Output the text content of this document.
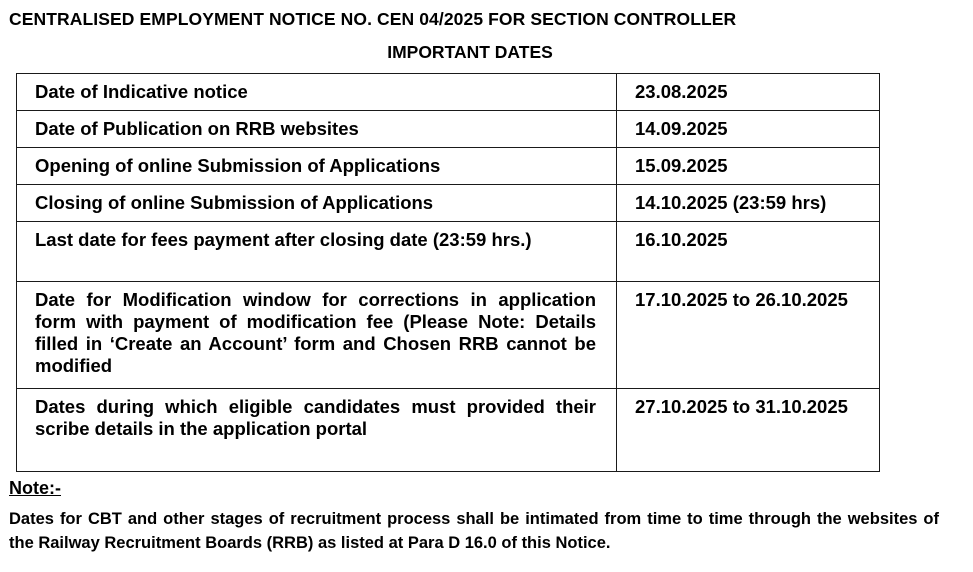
CENTRALISED EMPLOYMENT NOTICE NO. CEN 04/2025 FOR SECTION CONTROLLER
IMPORTANT DATES
Date of Indicative notice	23.08.2025
Date of Publication on RRB websites	14.09.2025
Opening of online Submission of Applications	15.09.2025
Closing of online Submission of Applications	14.10.2025 (23:59 hrs)
Last date for fees payment after closing date (23:59 hrs.)	16.10.2025
Date for Modification window for corrections in application form with payment of modification fee (Please Note: Details filled in ‘Create an Account’ form and Chosen RRB cannot be modified	17.10.2025 to 26.10.2025
Dates during which eligible candidates must provided their scribe details in the application portal	27.10.2025 to 31.10.2025
Note:-
Dates for CBT and other stages of recruitment process shall be intimated from time to time through the websites of the Railway Recruitment Boards (RRB) as listed at Para D 16.0 of this Notice.
